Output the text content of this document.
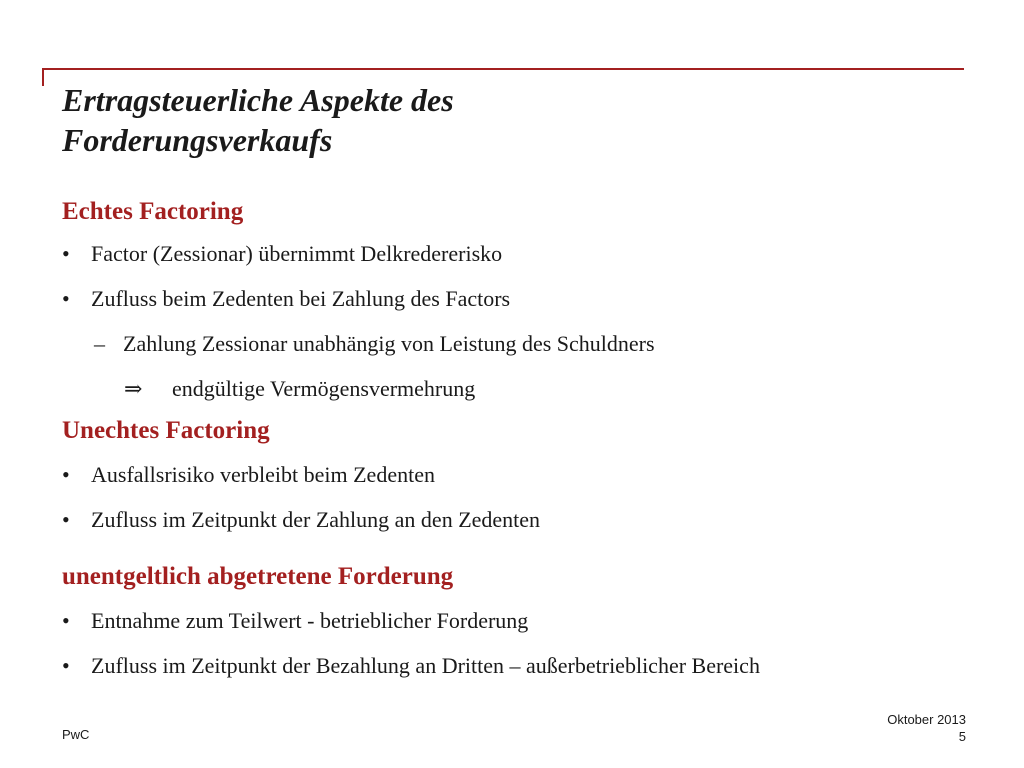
Ertragsteuerliche Aspekte des
Forderungsverkaufs
Echtes Factoring

• Factor (Zessionar) übernimmt Delkredererisko

• Zufluss beim Zedenten bei Zahlung des Factors

– Zahlung Zessionar unabhängig von Leistung des Schuldners

⇒ endgültige Vermögensvermehrung

Unechtes Factoring

• Ausfallsrisiko verbleibt beim Zedenten

• Zufluss im Zeitpunkt der Zahlung an den Zedenten

unentgeltlich abgetretene Forderung

• Entnahme zum Teilwert - betrieblicher Forderung

• Zufluss im Zeitpunkt der Bezahlung an Dritten – außerbetrieblicher Bereich

PwC
Oktober 2013
5
